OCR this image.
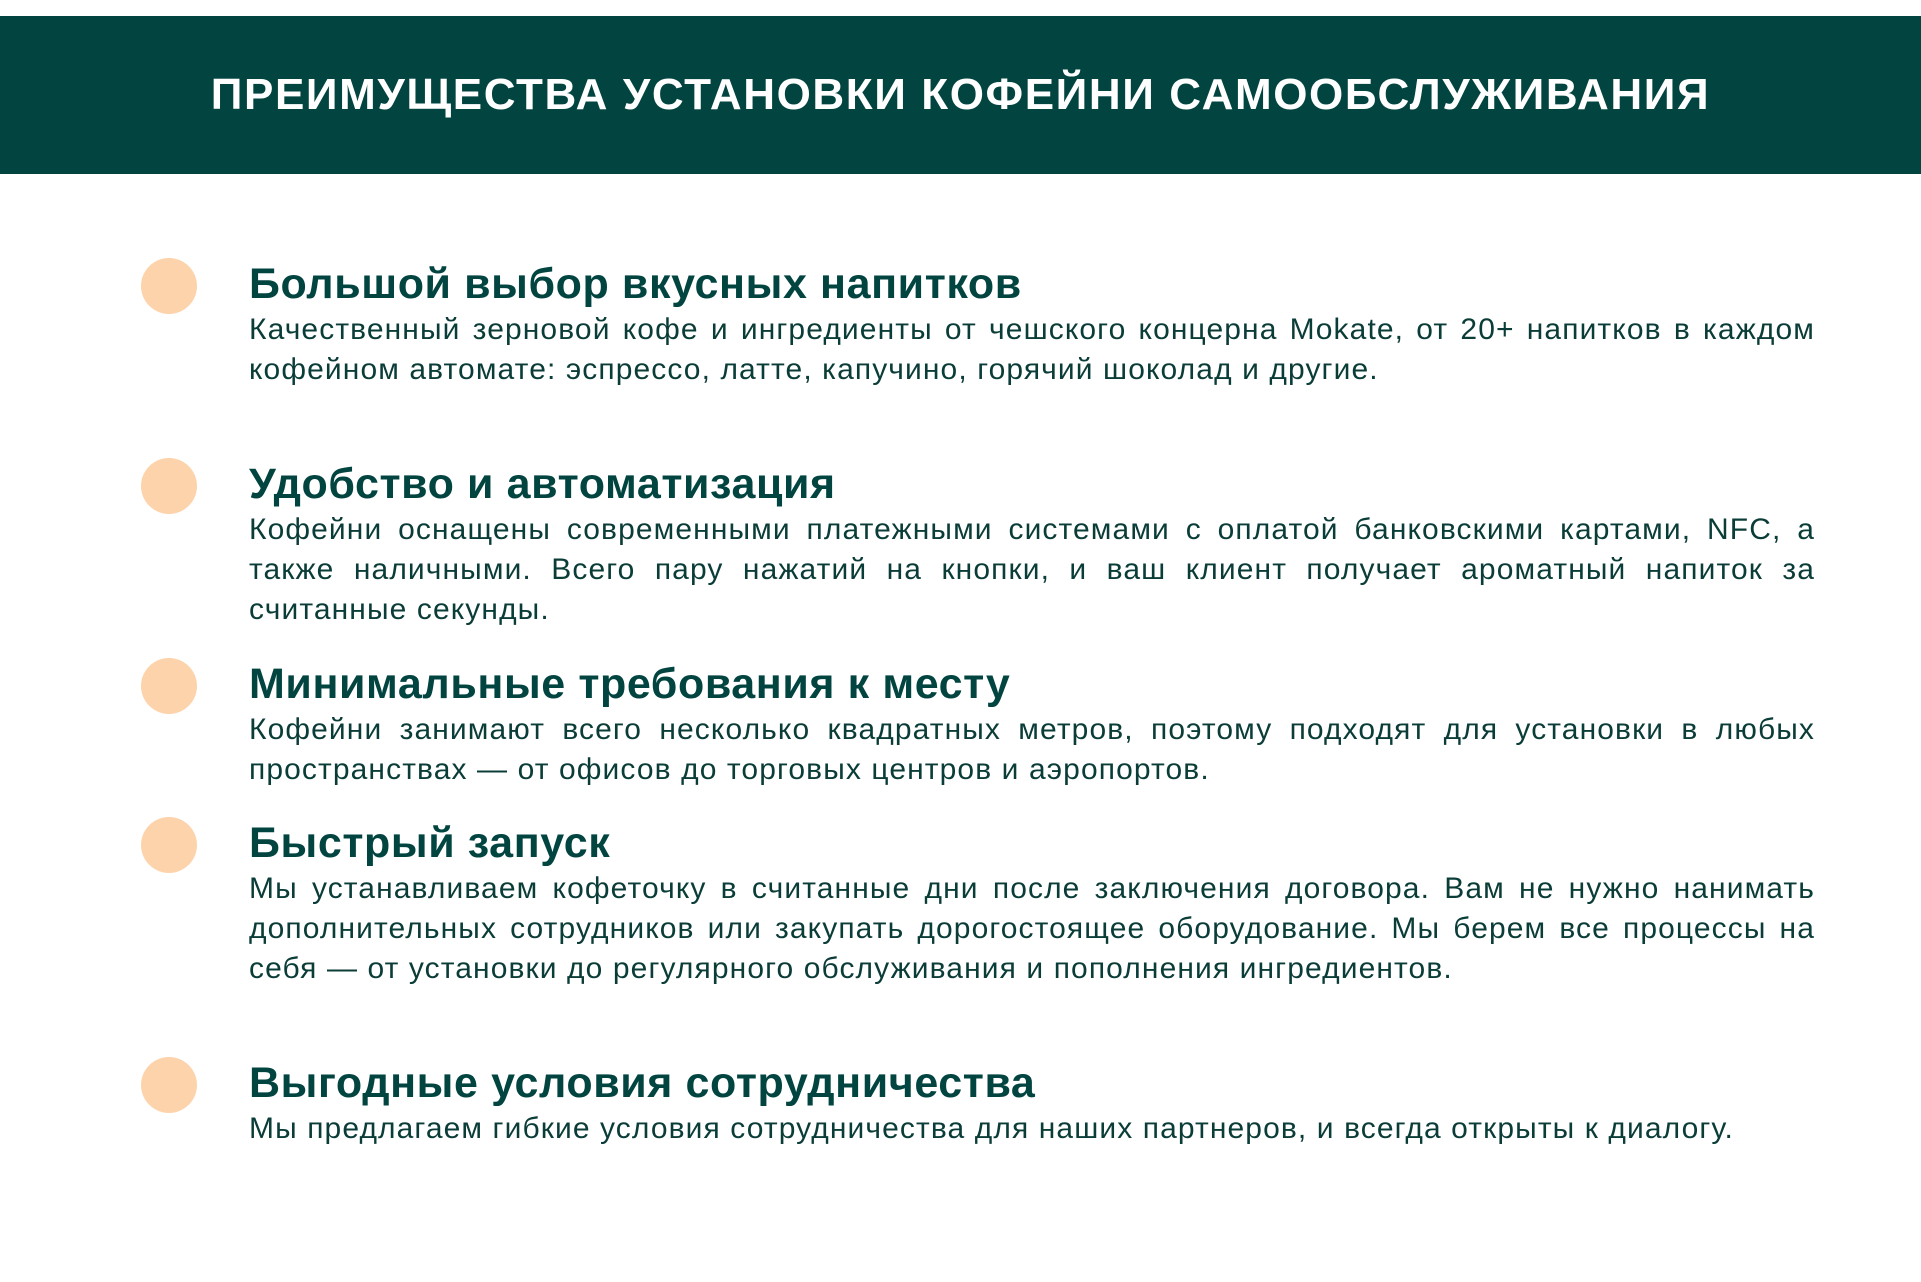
ПРЕИМУЩЕСТВА УСТАНОВКИ КОФЕЙНИ САМООБСЛУЖИВАНИЯ
Большой выбор вкусных напитков

Качественный зерновой кофе и ингредиенты от чешского концерна Mokate, от 20+ напитков в каждом кофейном автомате: эспрессо, латте, капучино, горячий шоколад и другие.

Удобство и автоматизация

Кофейни оснащены современными платежными системами с оплатой банковскими картами, NFC, а также наличными. Всего пару нажатий на кнопки, и ваш клиент получает ароматный напиток за считанные секунды.

Минимальные требования к месту

Кофейни занимают всего несколько квадратных метров, поэтому подходят для установки в любых пространствах — от офисов до торговых центров и аэропортов.

Быстрый запуск

Мы устанавливаем кофеточку в считанные дни после заключения договора. Вам не нужно нанимать дополнительных сотрудников или закупать дорогостоящее оборудование. Мы берем все процессы на себя — от установки до регулярного обслуживания и пополнения ингредиентов.

Выгодные условия сотрудничества

Мы предлагаем гибкие условия сотрудничества для наших партнеров, и всегда открыты к диалогу.
